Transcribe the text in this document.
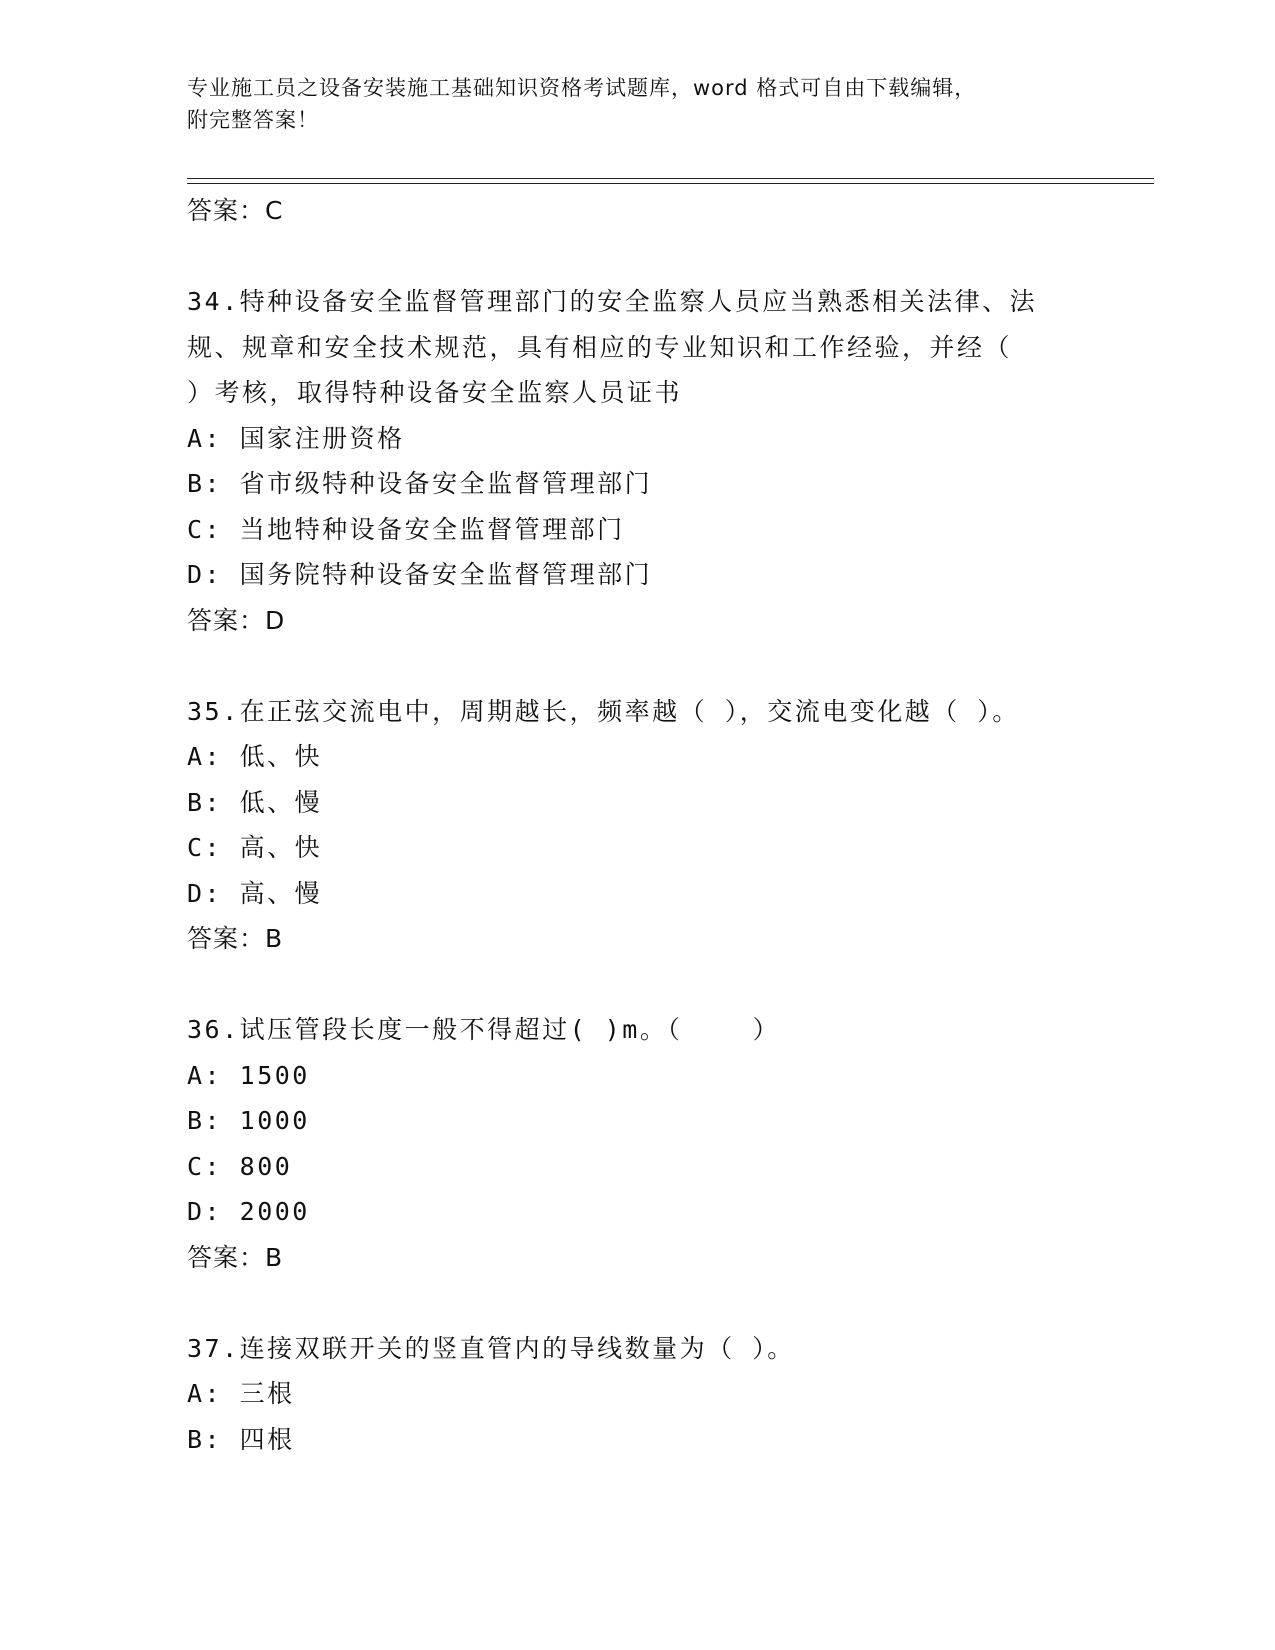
专业施工员之设备安装施工基础知识资格考试题库，word 格式可自由下载编辑，
附完整答案！
答案：C
34.特种设备安全监督管理部门的安全监察人员应当熟悉相关法律、法
规、规章和安全技术规范，具有相应的专业知识和工作经验，并经（
）考核，取得特种设备安全监察人员证书
A: 国家注册资格
B: 省市级特种设备安全监督管理部门
C: 当地特种设备安全监督管理部门
D: 国务院特种设备安全监督管理部门
答案：D
35.在正弦交流电中，周期越长，频率越（ ），交流电变化越（ ）。
A: 低、快
B: 低、慢
C: 高、快
D: 高、慢
答案：B
36.试压管段长度一般不得超过( )m。（    ）
A: 1500
B: 1000
C: 800
D: 2000
答案：B
37.连接双联开关的竖直管内的导线数量为（ ）。
A: 三根
B: 四根
